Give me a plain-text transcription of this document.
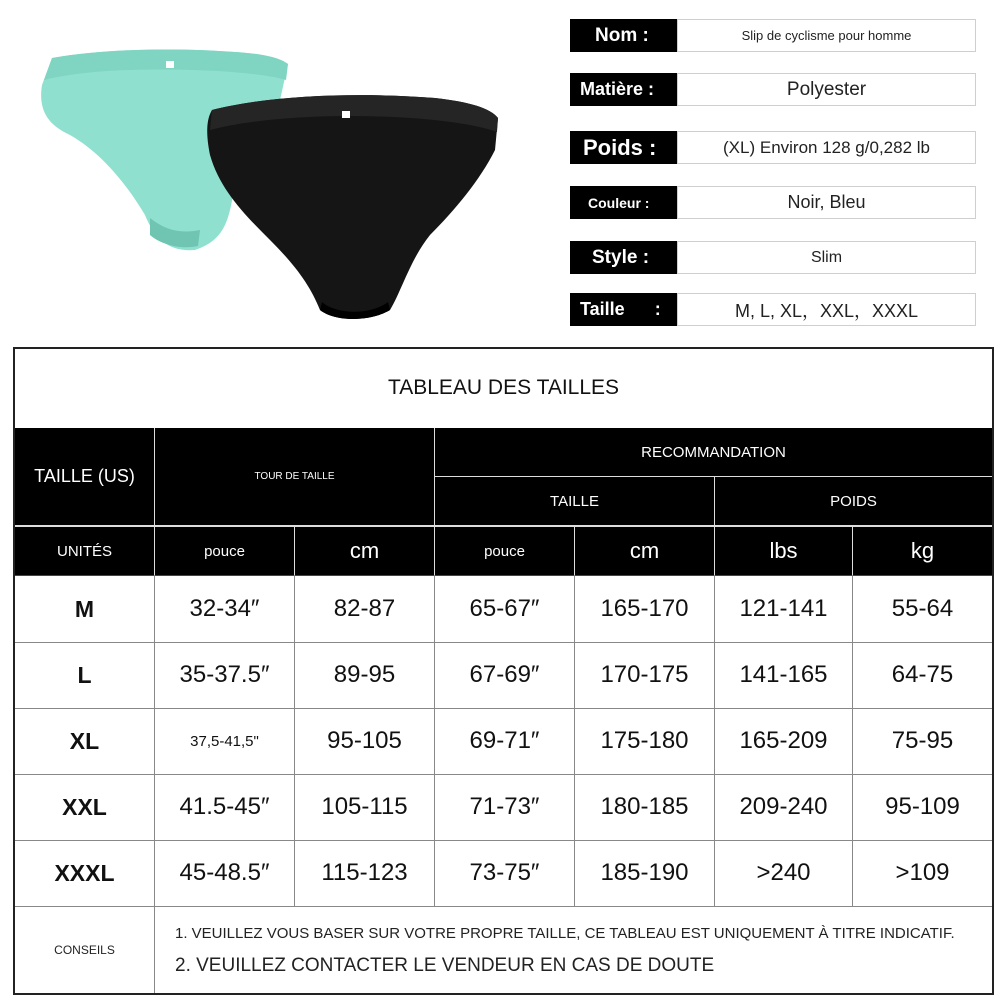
Nom :	Slip de cyclisme pour homme
Matière :	Polyester
Poids :	(XL) Environ 128 g/0,282 lb
Couleur :	Noir, Bleu
Style :	Slim
Taille      :	M, L, XL，XXL，XXXL
TABLEAU DES TAILLES
TAILLE (US)	TOUR DE TAILLE
RECOMMANDATION
TAILLE	POIDS
UNITÉS	pouce	cm	pouce	cm	lbs	kg
M	32-34″	82-87	65-67″	165-170	121-141	55-64
L	35-37.5″	89-95	67-69″	170-175	141-165	64-75
XL	37,5-41,5"	95-105	69-71″	175-180	165-209	75-95
XXL	41.5-45″	105-115	71-73″	180-185	209-240	95-109
XXXL	45-48.5″	115-123	73-75″	185-190	>240	>109
CONSEILS
1. VEUILLEZ VOUS BASER SUR VOTRE PROPRE TAILLE, CE TABLEAU EST UNIQUEMENT À TITRE INDICATIF.
2. VEUILLEZ CONTACTER LE VENDEUR EN CAS DE DOUTE
